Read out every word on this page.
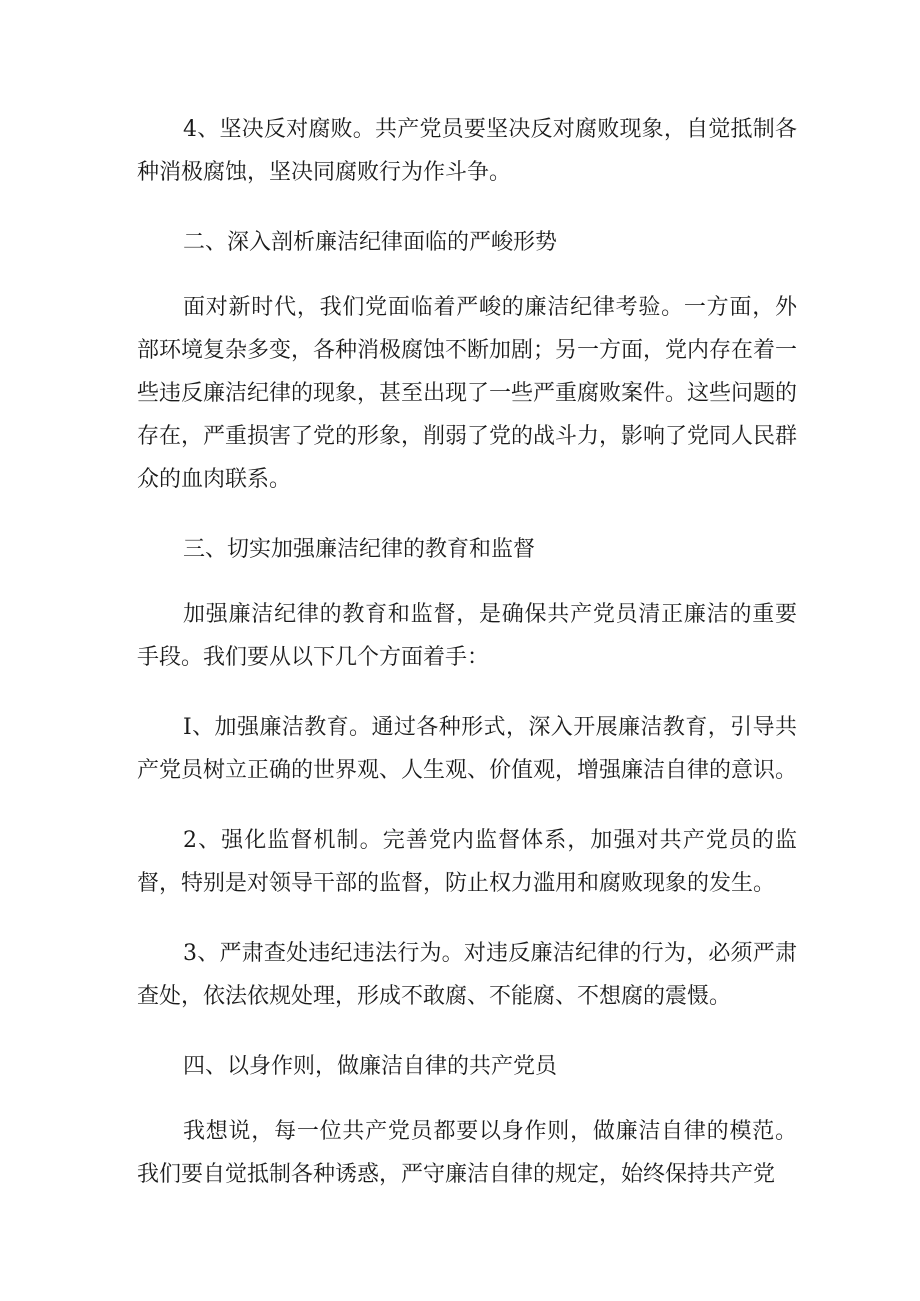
4、坚决反对腐败。共产党员要坚决反对腐败现象，自觉抵制各种消极腐蚀，坚决同腐败行为作斗争。

二、深入剖析廉洁纪律面临的严峻形势

面对新时代，我们党面临着严峻的廉洁纪律考验。一方面，外部环境复杂多变，各种消极腐蚀不断加剧；另一方面，党内存在着一些违反廉洁纪律的现象，甚至出现了一些严重腐败案件。这些问题的存在，严重损害了党的形象，削弱了党的战斗力，影响了党同人民群众的血肉联系。

三、切实加强廉洁纪律的教育和监督

加强廉洁纪律的教育和监督，是确保共产党员清正廉洁的重要手段。我们要从以下几个方面着手：

I、加强廉洁教育。通过各种形式，深入开展廉洁教育，引导共产党员树立正确的世界观、人生观、价值观，增强廉洁自律的意识。

2、强化监督机制。完善党内监督体系，加强对共产党员的监督，特别是对领导干部的监督，防止权力滥用和腐败现象的发生。

3、严肃查处违纪违法行为。对违反廉洁纪律的行为，必须严肃查处，依法依规处理，形成不敢腐、不能腐、不想腐的震慑。

四、以身作则，做廉洁自律的共产党员

我想说，每一位共产党员都要以身作则，做廉洁自律的模范。我们要自觉抵制各种诱惑，严守廉洁自律的规定，始终保持共产党
